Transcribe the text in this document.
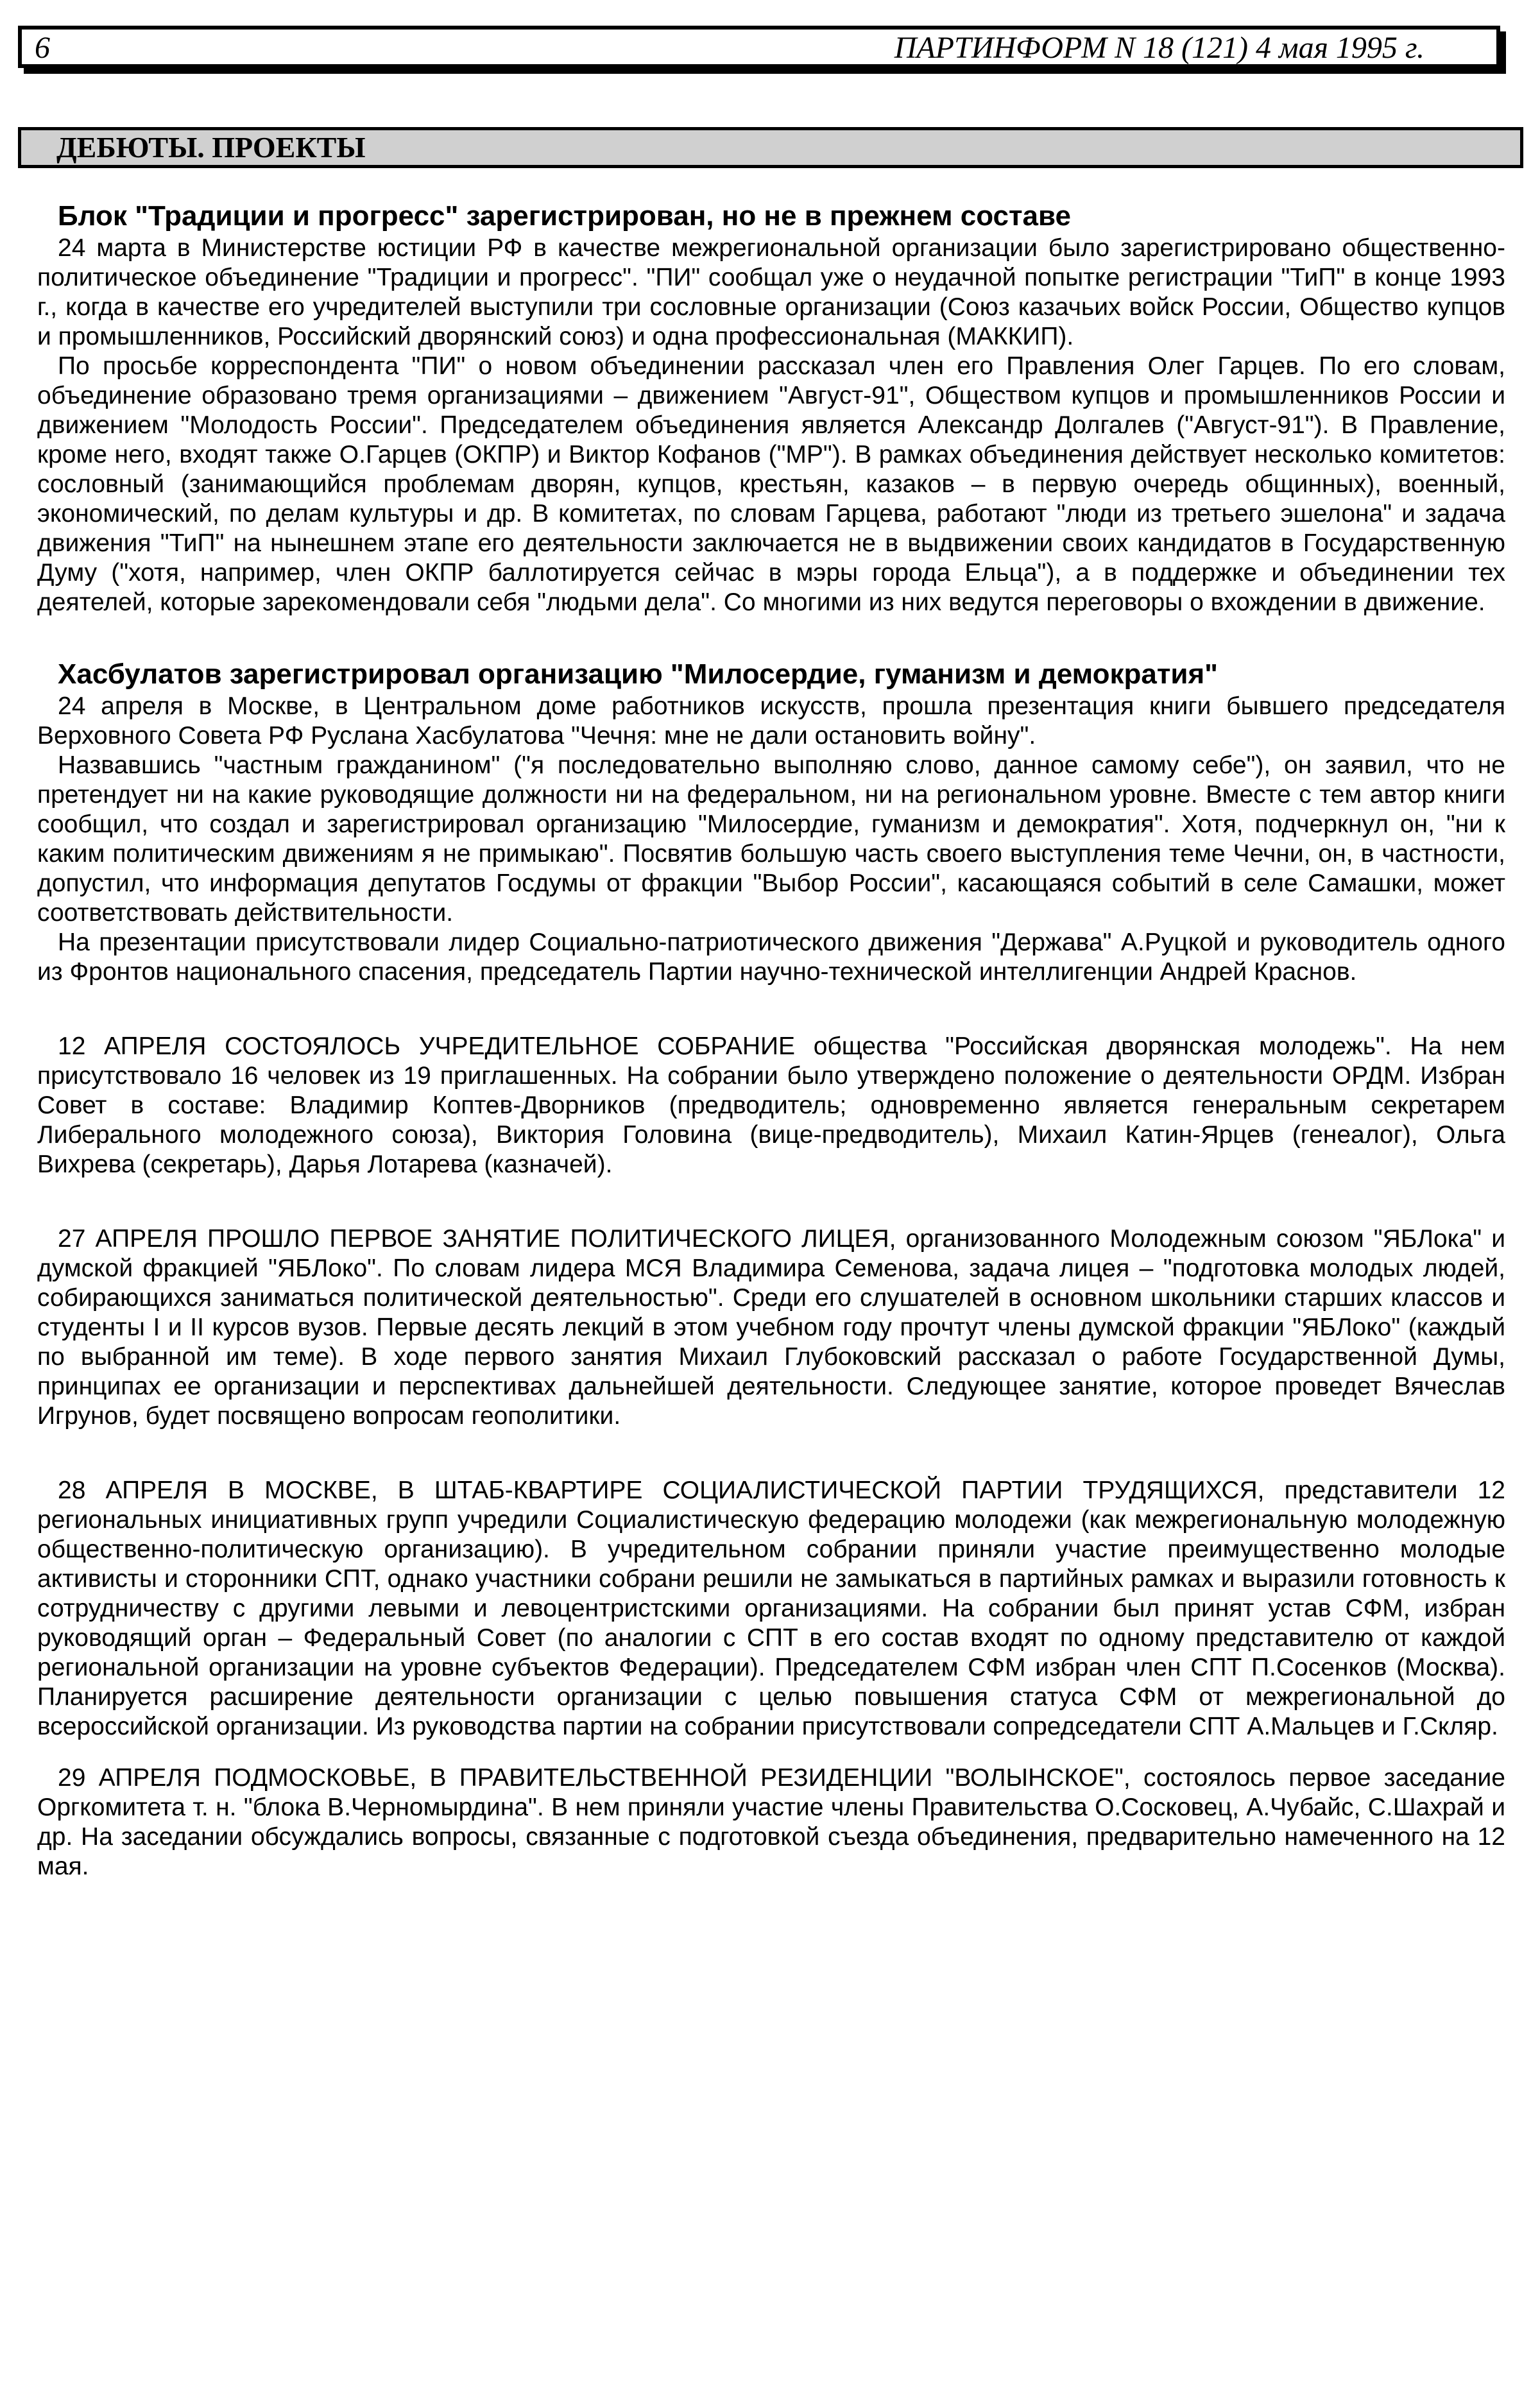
6	ПАРТИНФОРМ N 18 (121) 4 мая 1995 г.
ДЕБЮТЫ. ПРОЕКТЫ
Блок "Традиции и прогресс" зарегистрирован, но не в прежнем составе

24 марта в Министерстве юстиции РФ в качестве межрегиональной организации было зарегистрировано общественно-политическое объединение "Традиции и прогресс". "ПИ" сообщал уже о неудачной попытке регистрации "ТиП" в конце 1993 г., когда в качестве его учредителей выступили три сословные организации (Союз казачьих войск России, Общество купцов и промышленников, Российский дворянский союз) и одна профессиональная (МАККИП).

По просьбе корреспондента "ПИ" о новом объединении рассказал член его Правления Олег Гарцев. По его словам, объединение образовано тремя организациями – движением "Август-91", Обществом купцов и промышленников России и движением "Молодость России". Председателем объединения является Александр Долгалев ("Август-91"). В Правление, кроме него, входят также О.Гарцев (ОКПР) и Виктор Кофанов ("МР"). В рамках объединения действует несколько комитетов: сословный (занимающийся проблемам дворян, купцов, крестьян, казаков – в первую очередь общинных), военный, экономический, по делам культуры и др. В комитетах, по словам Гарцева, работают "люди из третьего эшелона" и задача движения "ТиП" на нынешнем этапе его деятельности заключается не в выдвижении своих кандидатов в Государственную Думу ("хотя, например, член ОКПР баллотируется сейчас в мэры города Ельца"), а в поддержке и объединении тех деятелей, которые зарекомендовали себя "людьми дела". Со многими из них ведутся переговоры о вхождении в движение.

Хасбулатов зарегистрировал организацию "Милосердие, гуманизм и демократия"

24 апреля в Москве, в Центральном доме работников искусств, прошла презентация книги бывшего председателя Верховного Совета РФ Руслана Хасбулатова "Чечня: мне не дали остановить войну".

Назвавшись "частным гражданином" ("я последовательно выполняю слово, данное самому себе"), он заявил, что не претендует ни на какие руководящие должности ни на федеральном, ни на региональном уровне. Вместе с тем автор книги сообщил, что создал и зарегистрировал организацию "Милосердие, гуманизм и демократия". Хотя, подчеркнул он, "ни к каким политическим движениям я не примыкаю". Посвятив большую часть своего выступления теме Чечни, он, в частности, допустил, что информация депутатов Госдумы от фракции "Выбор России", касающаяся событий в селе Самашки, может соответствовать действительности.

На презентации присутствовали лидер Социально-патриотического движения "Держава" А.Руцкой и руководитель одного из Фронтов национального спасения, председатель Партии научно-технической интеллигенции Андрей Краснов.

12 АПРЕЛЯ СОСТОЯЛОСЬ УЧРЕДИТЕЛЬНОЕ СОБРАНИЕ общества "Российская дворянская молодежь". На нем присутствовало 16 человек из 19 приглашенных. На собрании было утверждено положение о деятельности ОРДМ. Избран Совет в составе: Владимир Коптев-Дворников (предводитель; одновременно является генеральным секретарем Либерального молодежного союза), Виктория Головина (вице-предводитель), Михаил Катин-Ярцев (генеалог), Ольга Вихрева (секретарь), Дарья Лотарева (казначей).

27 АПРЕЛЯ ПРОШЛО ПЕРВОЕ ЗАНЯТИЕ ПОЛИТИЧЕСКОГО ЛИЦЕЯ, организованного Молодежным союзом "ЯБЛока" и думской фракцией "ЯБЛоко". По словам лидера МСЯ Владимира Семенова, задача лицея – "подготовка молодых людей, собирающихся заниматься политической деятельностью". Среди его слушателей в основном школьники старших классов и студенты I и II курсов вузов. Первые десять лекций в этом учебном году прочтут члены думской фракции "ЯБЛоко" (каждый по выбранной им теме). В ходе первого занятия Михаил Глубоковский рассказал о работе Государственной Думы, принципах ее организации и перспективах дальнейшей деятельности. Следующее занятие, которое проведет Вячеслав Игрунов, будет посвящено вопросам геополитики.

28 АПРЕЛЯ В МОСКВЕ, В ШТАБ-КВАРТИРЕ СОЦИАЛИСТИЧЕСКОЙ ПАРТИИ ТРУДЯЩИХСЯ, представители 12 региональных инициативных групп учредили Социалистическую федерацию молодежи (как межрегиональную молодежную общественно-политическую организацию). В учредительном собрании приняли участие преимущественно молодые активисты и сторонники СПТ, однако участники собрани решили не замыкаться в партийных рамках и выразили готовность к сотрудничеству с другими левыми и левоцентристскими организациями. На собрании был принят устав СФМ, избран руководящий орган – Федеральный Совет (по аналогии с СПТ в его состав входят по одному представителю от каждой региональной организации на уровне субъектов Федерации). Председателем СФМ избран член СПТ П.Сосенков (Москва). Планируется расширение деятельности организации с целью повышения статуса СФМ от межрегиональной до всероссийской организации. Из руководства партии на собрании присутствовали сопредседатели СПТ А.Мальцев и Г.Скляр.

29 АПРЕЛЯ ПОДМОСКОВЬЕ, В ПРАВИТЕЛЬСТВЕННОЙ РЕЗИДЕНЦИИ "ВОЛЫНСКОЕ", состоялось первое заседание Оргкомитета т. н. "блока В.Черномырдина". В нем приняли участие члены Правительства О.Сосковец, А.Чубайс, С.Шахрай и др. На заседании обсуждались вопросы, связанные с подготовкой съезда объединения, предварительно намеченного на 12 мая.
